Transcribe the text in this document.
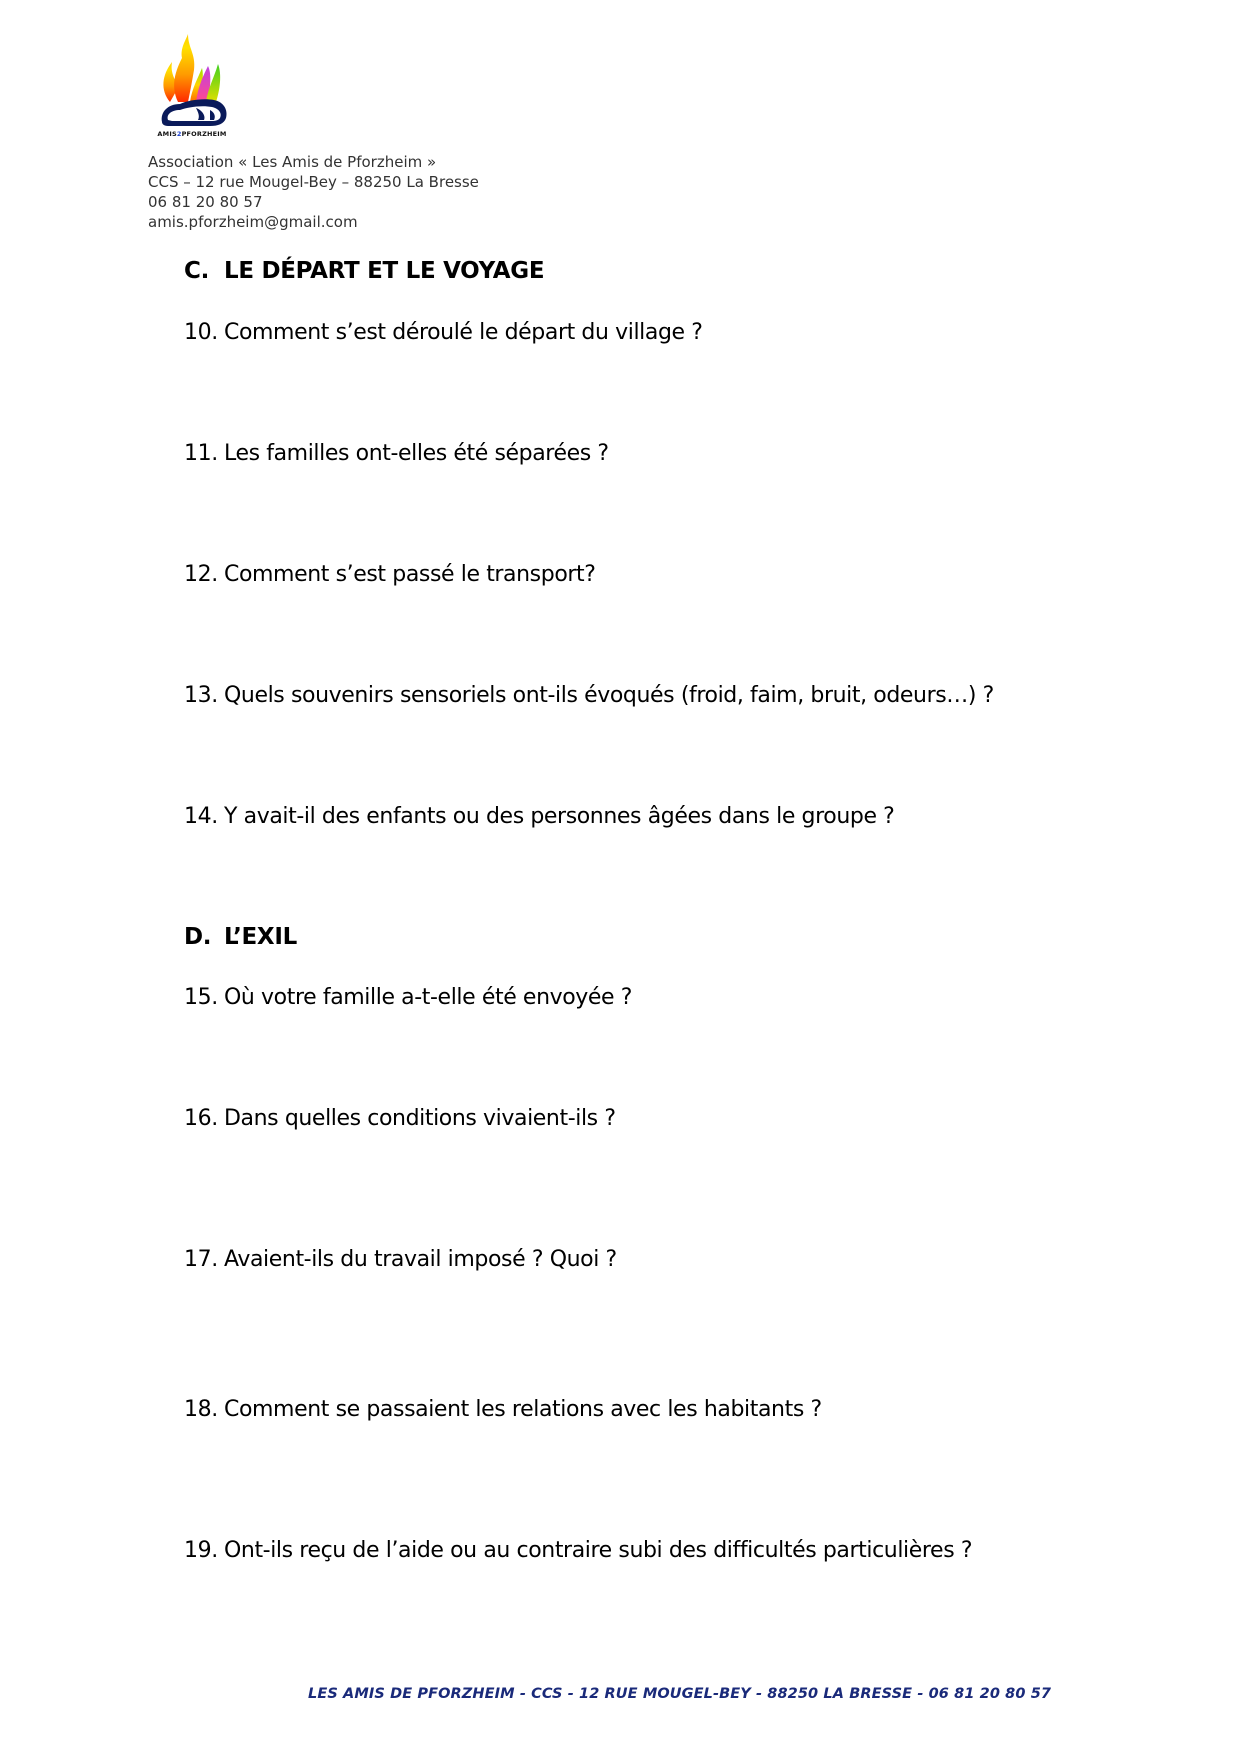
AMIS2PFORZHEIM
Association « Les Amis de Pforzheim »
CCS – 12 rue Mougel-Bey – 88250 La Bresse
06 81 20 80 57
amis.pforzheim@gmail.com
C. LE DÉPART ET LE VOYAGE
10. Comment s’est déroulé le départ du village ?
11. Les familles ont-elles été séparées ?
12. Comment s’est passé le transport?
13. Quels souvenirs sensoriels ont-ils évoqués (froid, faim, bruit, odeurs…) ?
14. Y avait-il des enfants ou des personnes âgées dans le groupe ?
D. L’EXIL
15. Où votre famille a-t-elle été envoyée ?
16. Dans quelles conditions vivaient-ils ?
17. Avaient-ils du travail imposé ? Quoi ?
18. Comment se passaient les relations avec les habitants ?
19. Ont-ils reçu de l’aide ou au contraire subi des difficultés particulières ?
LES AMIS DE PFORZHEIM - CCS - 12 RUE MOUGEL-BEY - 88250 LA BRESSE - 06 81 20 80 57
